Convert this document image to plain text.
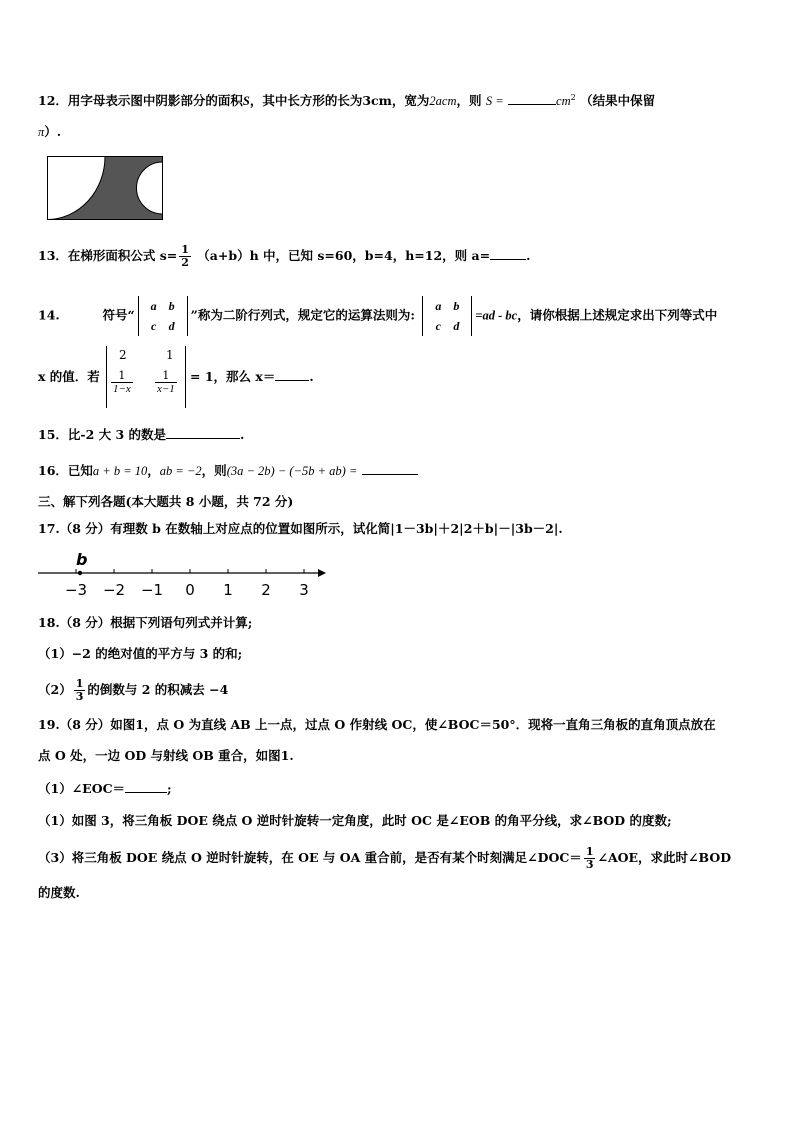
12．用字母表示图中阴影部分的面积S，其中长方形的长为3cm，宽为2acm，则 S =	$cm^2$ （结果中保留
π）.
13．在梯形面积公式 $s= \frac{1}{2} (a+b)h$ 中，已知 s=60，b=4，h=12，则 a=	.
14.	符号“
a	b
c	d
”称为二阶行列式，规定它的运算法则为:
a	b
c	d
=ad - bc，请你根据上述规定求出下列等式中
x 的值．若
2	1
$\frac{1}{1-x} \frac{1}{x-1} = 1$，那么 x＝	.
15．比-2 大 3 的数是	.
16．已知a + b = 10，ab = −2，则(3a − 2b) − (−5b + ab) =
三、解下列各题(本大题共 8 小题，共 72 分)
17.（8 分）有理数 b 在数轴上对应点的位置如图所示，试化简|1－3b|＋2|2＋b|－|3b－2|.
−3 −2 −1 0 1 2 3
b
18.（8 分）根据下列语句列式并计算;
（1）−2 的绝对值的平方与 3 的和;
$(2) \frac{1}{3}$ 的倒数与 2 的积减去 −4
19.（8 分）如图1，点 O 为直线 AB 上一点，过点 O 作射线 OC，使∠BOC＝50°．现将一直角三角板的直角顶点放在
点 O 处，一边 OD 与射线 OB 重合，如图1.
（1）∠EOC＝	;
（1）如图 3，将三角板 DOE 绕点 O 逆时针旋转一定角度，此时 OC 是∠EOB 的角平分线，求∠BOD 的度数;
（3）将三角板 DOE 绕点 O 逆时针旋转，在 OE 与 OA 重合前，是否有某个时刻满足∠DOC＝ $\frac{1}{3}$ ∠AOE，求此时∠BOD
的度数.
